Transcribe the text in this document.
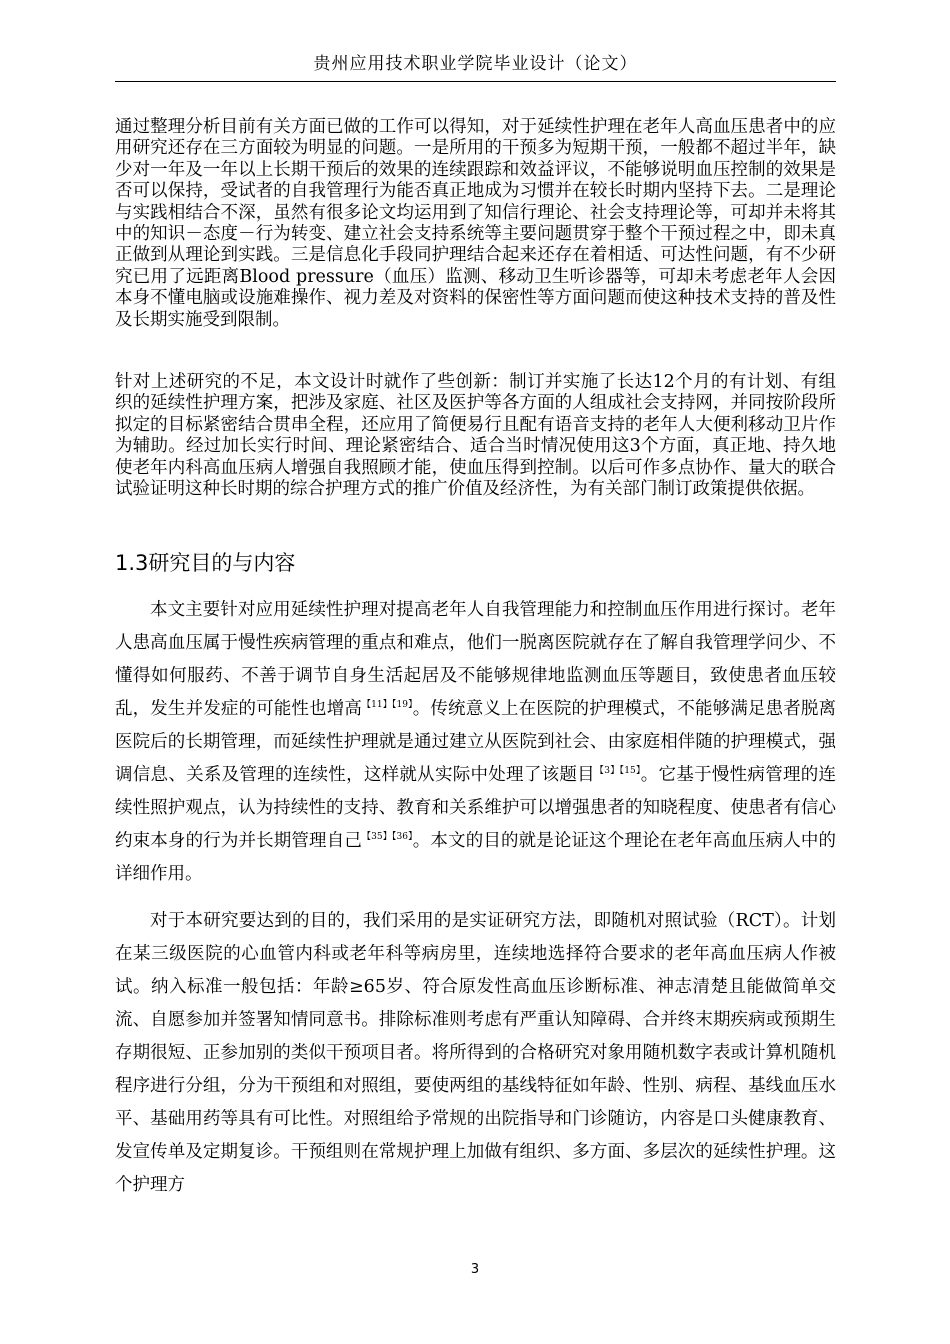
贵州应用技术职业学院毕业设计（论文）
通过整理分析目前有关方面已做的工作可以得知，对于延续性护理在老年人高血压患者中的应用研究还存在三方面较为明显的问题。一是所用的干预多为短期干预，一般都不超过半年，缺少对一年及一年以上长期干预后的效果的连续跟踪和效益评议，不能够说明血压控制的效果是否可以保持，受试者的自我管理行为能否真正地成为习惯并在较长时期内坚持下去。二是理论与实践相结合不深，虽然有很多论文均运用到了知信行理论、社会支持理论等，可却并未将其中的知识－态度－行为转变、建立社会支持系统等主要问题贯穿于整个干预过程之中，即未真正做到从理论到实践。三是信息化手段同护理结合起来还存在着相适、可达性问题，有不少研究已用了远距离Blood pressure（血压）监测、移动卫生听诊器等，可却未考虑老年人会因本身不懂电脑或设施难操作、视力差及对资料的保密性等方面问题而使这种技术支持的普及性及长期实施受到限制。
针对上述研究的不足，本文设计时就作了些创新：制订并实施了长达12个月的有计划、有组织的延续性护理方案，把涉及家庭、社区及医护等各方面的人组成社会支持网，并同按阶段所拟定的目标紧密结合贯串全程，还应用了简便易行且配有语音支持的老年人大便利移动卫片作为辅助。经过加长实行时间、理论紧密结合、适合当时情况使用这3个方面，真正地、持久地使老年内科高血压病人增强自我照顾才能，使血压得到控制。以后可作多点协作、量大的联合试验证明这种长时期的综合护理方式的推广价值及经济性，为有关部门制订政策提供依据。
1.3研究目的与内容
本文主要针对应用延续性护理对提高老年人自我管理能力和控制血压作用进行探讨。老年人患高血压属于慢性疾病管理的重点和难点，他们一脱离医院就存在了解自我管理学问少、不懂得如何服药、不善于调节自身生活起居及不能够规律地监测血压等题目，致使患者血压较乱，发生并发症的可能性也增高$^{【11】【19】}$。传统意义上在医院的护理模式，不能够满足患者脱离医院后的长期管理，而延续性护理就是通过建立从医院到社会、由家庭相伴随的护理模式，强调信息、关系及管理的连续性，这样就从实际中处理了该题目$^{【3】【15】}$。它基于慢性病管理的连续性照护观点，认为持续性的支持、教育和关系维护可以增强患者的知晓程度、使患者有信心约束本身的行为并长期管理自己$^{【35】【36】}$。本文的目的就是论证这个理论在老年高血压病人中的详细作用。
对于本研究要达到的目的，我们采用的是实证研究方法，即随机对照试验（RCT）。计划在某三级医院的心血管内科或老年科等病房里，连续地选择符合要求的老年高血压病人作被试。纳入标准一般包括：年龄≥65岁、符合原发性高血压诊断标准、神志清楚且能做简单交流、自愿参加并签署知情同意书。排除标准则考虑有严重认知障碍、合并终末期疾病或预期生存期很短、正参加别的类似干预项目者。将所得到的合格研究对象用随机数字表或计算机随机程序进行分组，分为干预组和对照组，要使两组的基线特征如年龄、性别、病程、基线血压水平、基础用药等具有可比性。对照组给予常规的出院指导和门诊随访，内容是口头健康教育、发宣传单及定期复诊。干预组则在常规护理上加做有组织、多方面、多层次的延续性护理。这个护理方
3
